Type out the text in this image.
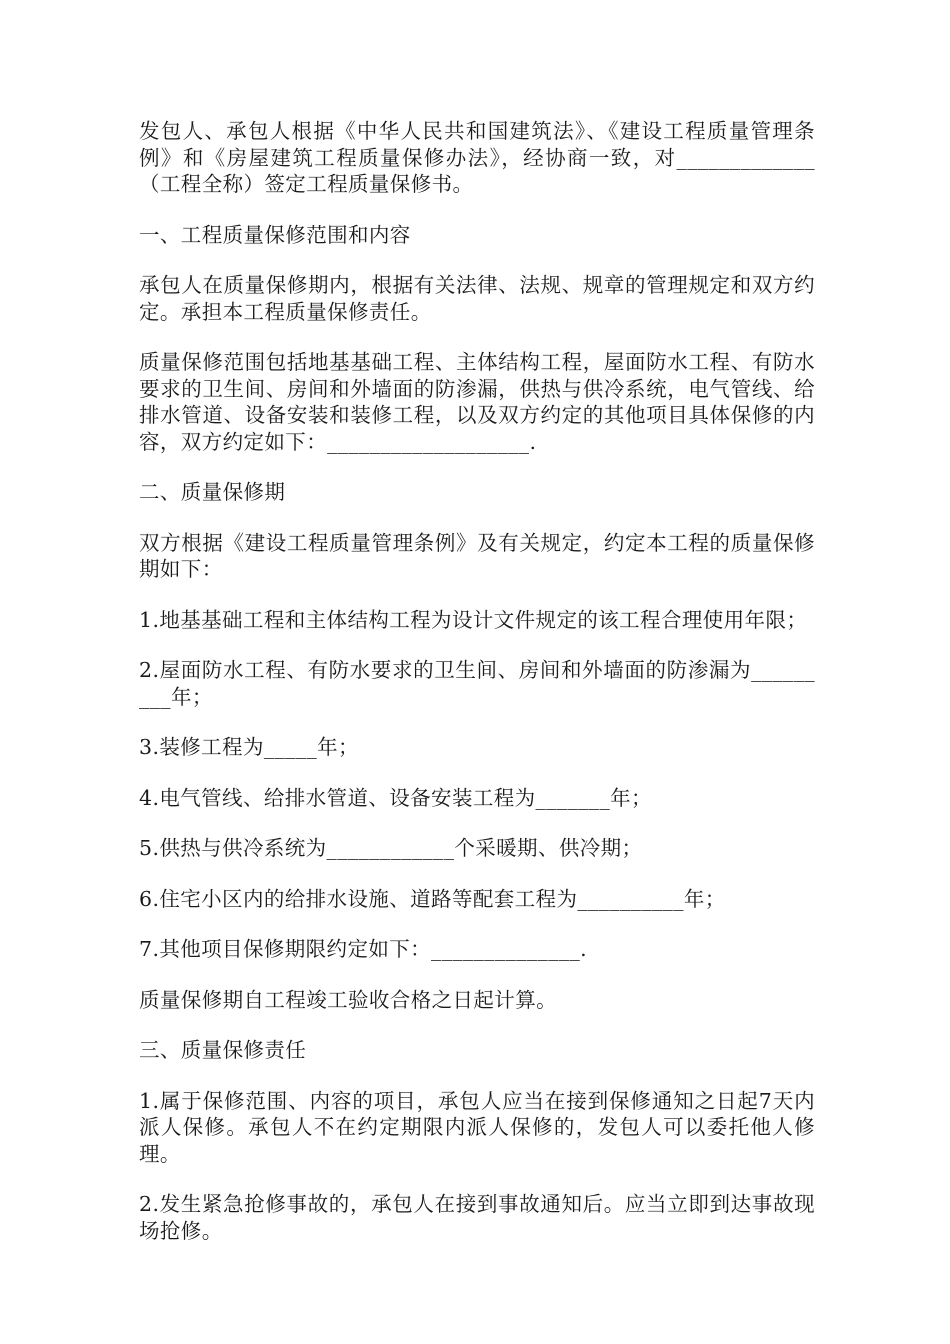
发包人、承包人根据《中华人民共和国建筑法》、《建设工程质量管理条例》和《房屋建筑工程质量保修办法》，经协商一致，对_____________（工程全称）签定工程质量保修书。

一、工程质量保修范围和内容

承包人在质量保修期内，根据有关法律、法规、规章的管理规定和双方约定。承担本工程质量保修责任。

质量保修范围包括地基基础工程、主体结构工程，屋面防水工程、有防水要求的卫生间、房间和外墙面的防渗漏，供热与供冷系统，电气管线、给排水管道、设备安装和装修工程，以及双方约定的其他项目具体保修的内容，双方约定如下：___________________.

二、质量保修期

双方根据《建设工程质量管理条例》及有关规定，约定本工程的质量保修期如下：

1.地基基础工程和主体结构工程为设计文件规定的该工程合理使用年限；

2.屋面防水工程、有防水要求的卫生间、房间和外墙面的防渗漏为_________年；

3.装修工程为_____年；

4.电气管线、给排水管道、设备安装工程为_______年；

5.供热与供冷系统为____________个采暖期、供冷期；

6.住宅小区内的给排水设施、道路等配套工程为__________年；

7.其他项目保修期限约定如下：______________.

质量保修期自工程竣工验收合格之日起计算。

三、质量保修责任

1.属于保修范围、内容的项目，承包人应当在接到保修通知之日起7天内派人保修。承包人不在约定期限内派人保修的，发包人可以委托他人修理。

2.发生紧急抢修事故的，承包人在接到事故通知后。应当立即到达事故现场抢修。
